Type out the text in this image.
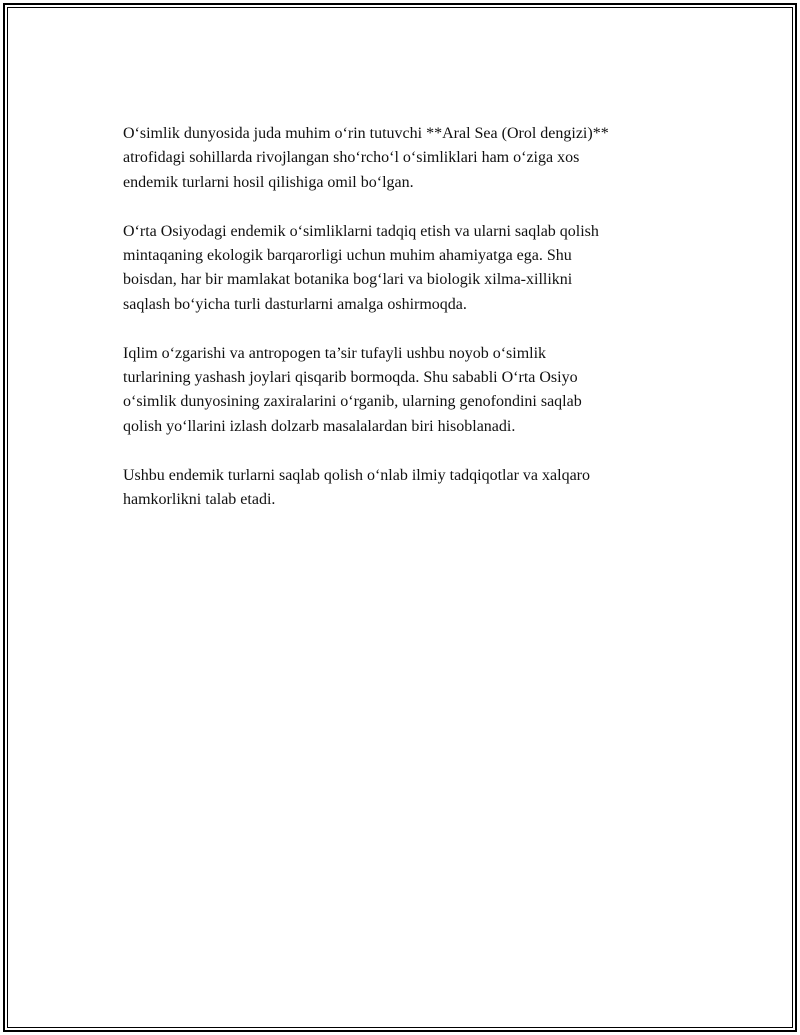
O‘simlik dunyosida juda muhim o‘rin tutuvchi **Aral Sea (Orol dengizi)**
atrofidagi sohillarda rivojlangan sho‘rcho‘l o‘simliklari ham o‘ziga xos
endemik turlarni hosil qilishiga omil bo‘lgan.

O‘rta Osiyodagi endemik o‘simliklarni tadqiq etish va ularni saqlab qolish
mintaqaning ekologik barqarorligi uchun muhim ahamiyatga ega. Shu
boisdan, har bir mamlakat botanika bog‘lari va biologik xilma-xillikni
saqlash bo‘yicha turli dasturlarni amalga oshirmoqda.

Iqlim o‘zgarishi va antropogen ta’sir tufayli ushbu noyob o‘simlik
turlarining yashash joylari qisqarib bormoqda. Shu sababli O‘rta Osiyo
o‘simlik dunyosining zaxiralarini o‘rganib, ularning genofondini saqlab
qolish yo‘llarini izlash dolzarb masalalardan biri hisoblanadi.

Ushbu endemik turlarni saqlab qolish o‘nlab ilmiy tadqiqotlar va xalqaro
hamkorlikni talab etadi.
